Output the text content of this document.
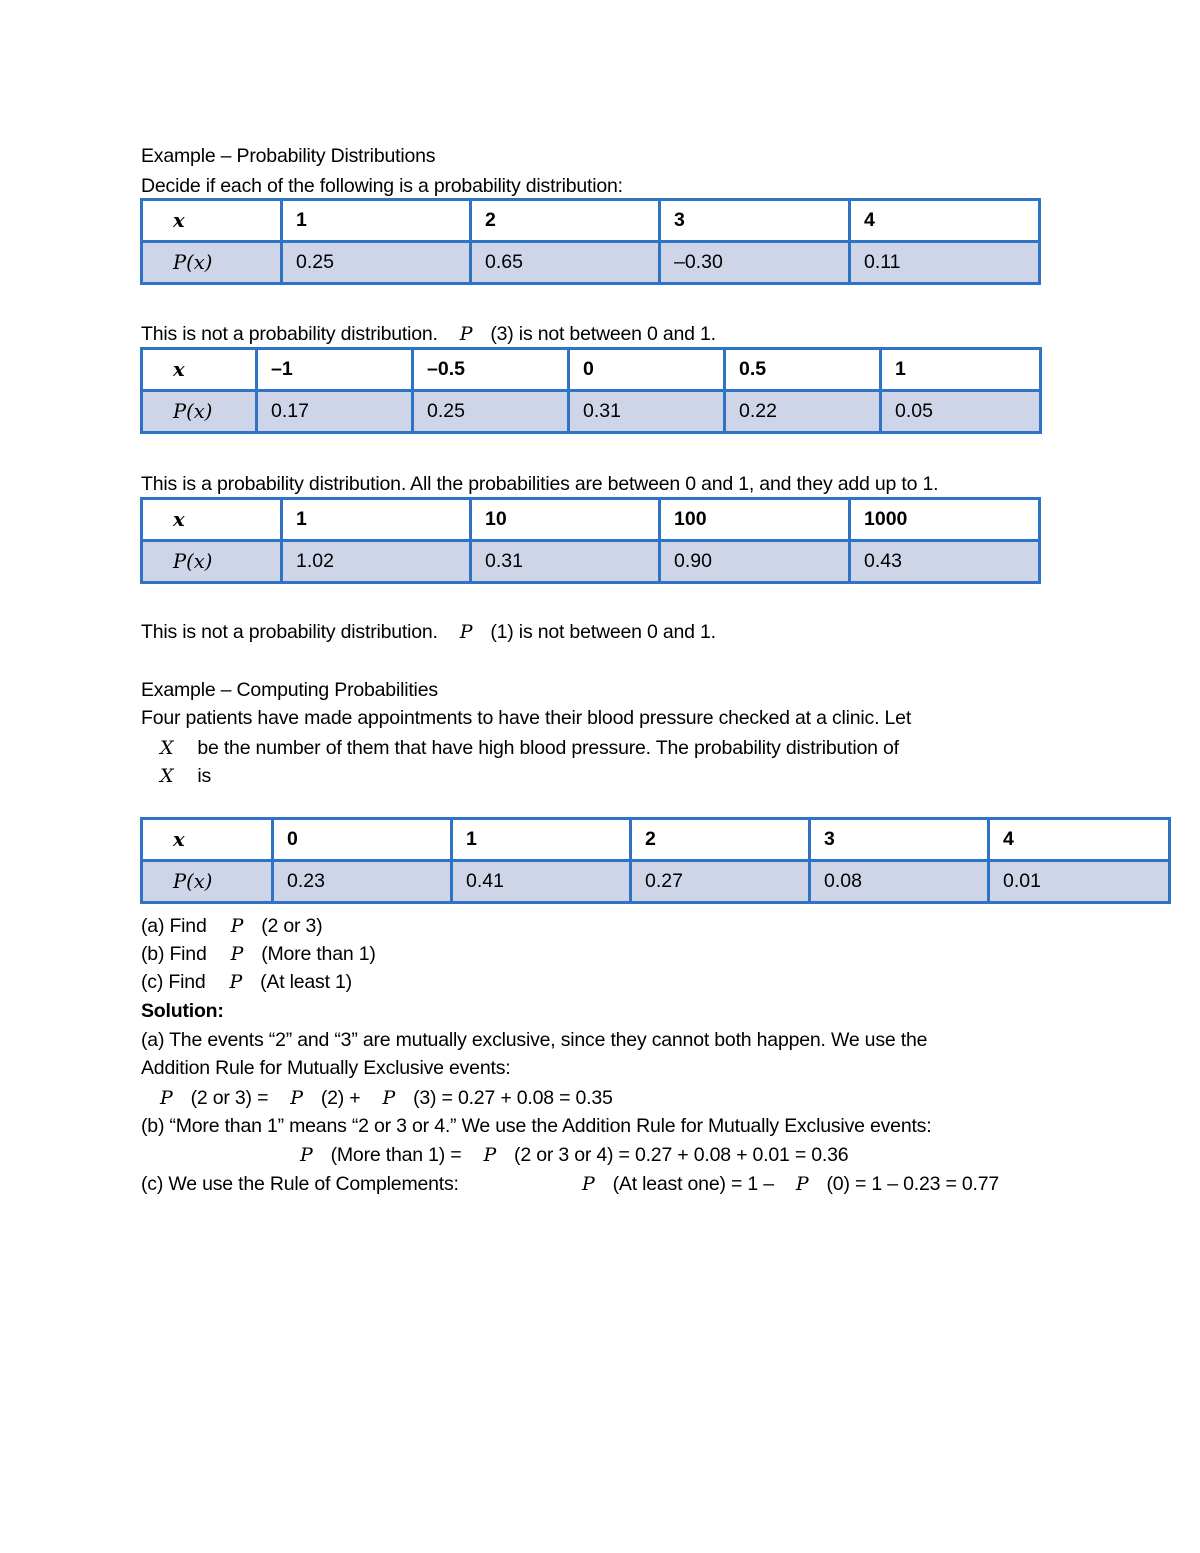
Example – Probability Distributions
Decide if each of the following is a probability distribution:
x	1	2	3	4
P(x)	0.25	0.65	–0.30	0.11
This is not a probability distribution. P (3) is not between 0 and 1.
x	–1	–0.5	0	0.5	1
P(x)	0.17	0.25	0.31	0.22	0.05
This is a probability distribution. All the probabilities are between 0 and 1, and they add up to 1.
x	1	10	100	1000
P(x)	1.02	0.31	0.90	0.43
This is not a probability distribution. P (1) is not between 0 and 1.
Example – Computing Probabilities
Four patients have made appointments to have their blood pressure checked at a clinic. Let
X be the number of them that have high blood pressure. The probability distribution of
X is
x	0	1	2	3	4
P(x)	0.23	0.41	0.27	0.08	0.01
(a) Find P (2 or 3)
(b) Find P (More than 1)
(c) Find P (At least 1)
Solution:
(a) The events “2” and “3” are mutually exclusive, since they cannot both happen. We use the
Addition Rule for Mutually Exclusive events:
P (2 or 3) = P (2) + P (3) = 0.27 + 0.08 = 0.35
(b) “More than 1” means “2 or 3 or 4.” We use the Addition Rule for Mutually Exclusive events:
P (More than 1) = P (2 or 3 or 4) = 0.27 + 0.08 + 0.01 = 0.36
(c) We use the Rule of Complements:	P (At least one) = 1 – P (0) = 1 – 0.23 = 0.77
